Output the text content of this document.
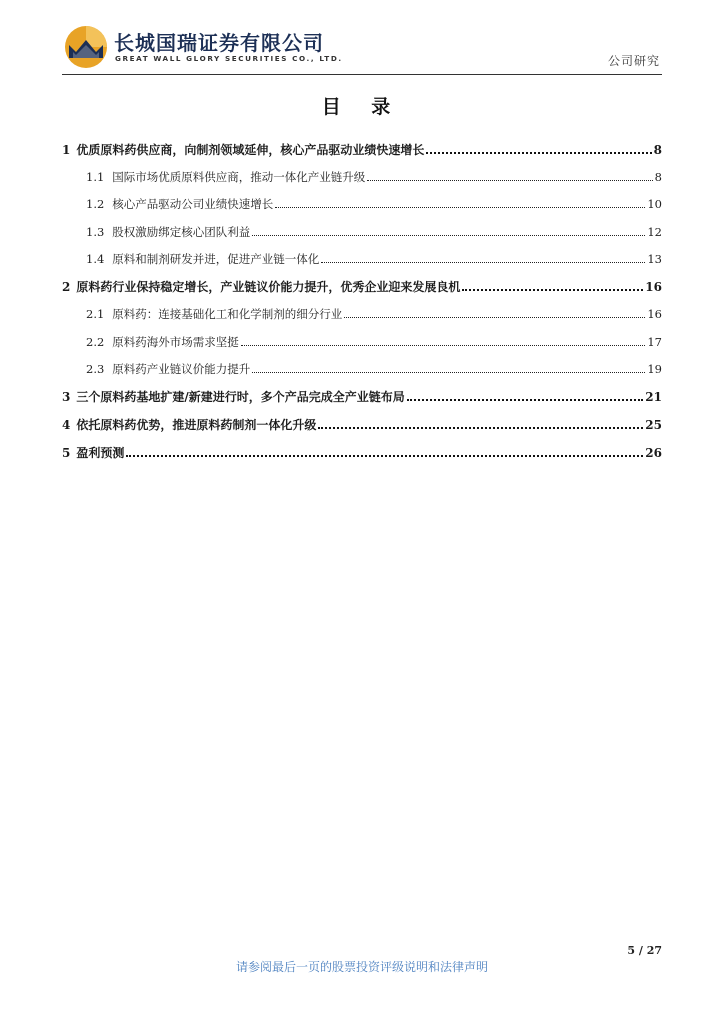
长城国瑞证券有限公司
GREAT WALL GLORY SECURITIES CO., LTD.	公司研究
目 录
1 优质原料药供应商，向制剂领域延伸，核心产品驱动业绩快速增长	8
1.1 国际市场优质原料供应商，推动一体化产业链升级	8
1.2 核心产品驱动公司业绩快速增长	10
1.3 股权激励绑定核心团队利益	12
1.4 原料和制剂研发并进，促进产业链一体化	13
2 原料药行业保持稳定增长，产业链议价能力提升，优秀企业迎来发展良机	16
2.1 原料药：连接基础化工和化学制剂的细分行业	16
2.2 原料药海外市场需求坚挺	17
2.3 原料药产业链议价能力提升	19
3 三个原料药基地扩建/新建进行时，多个产品完成全产业链布局	21
4 依托原料药优势，推进原料药制剂一体化升级	25
5 盈利预测	26
5 / 27
请参阅最后一页的股票投资评级说明和法律声明
